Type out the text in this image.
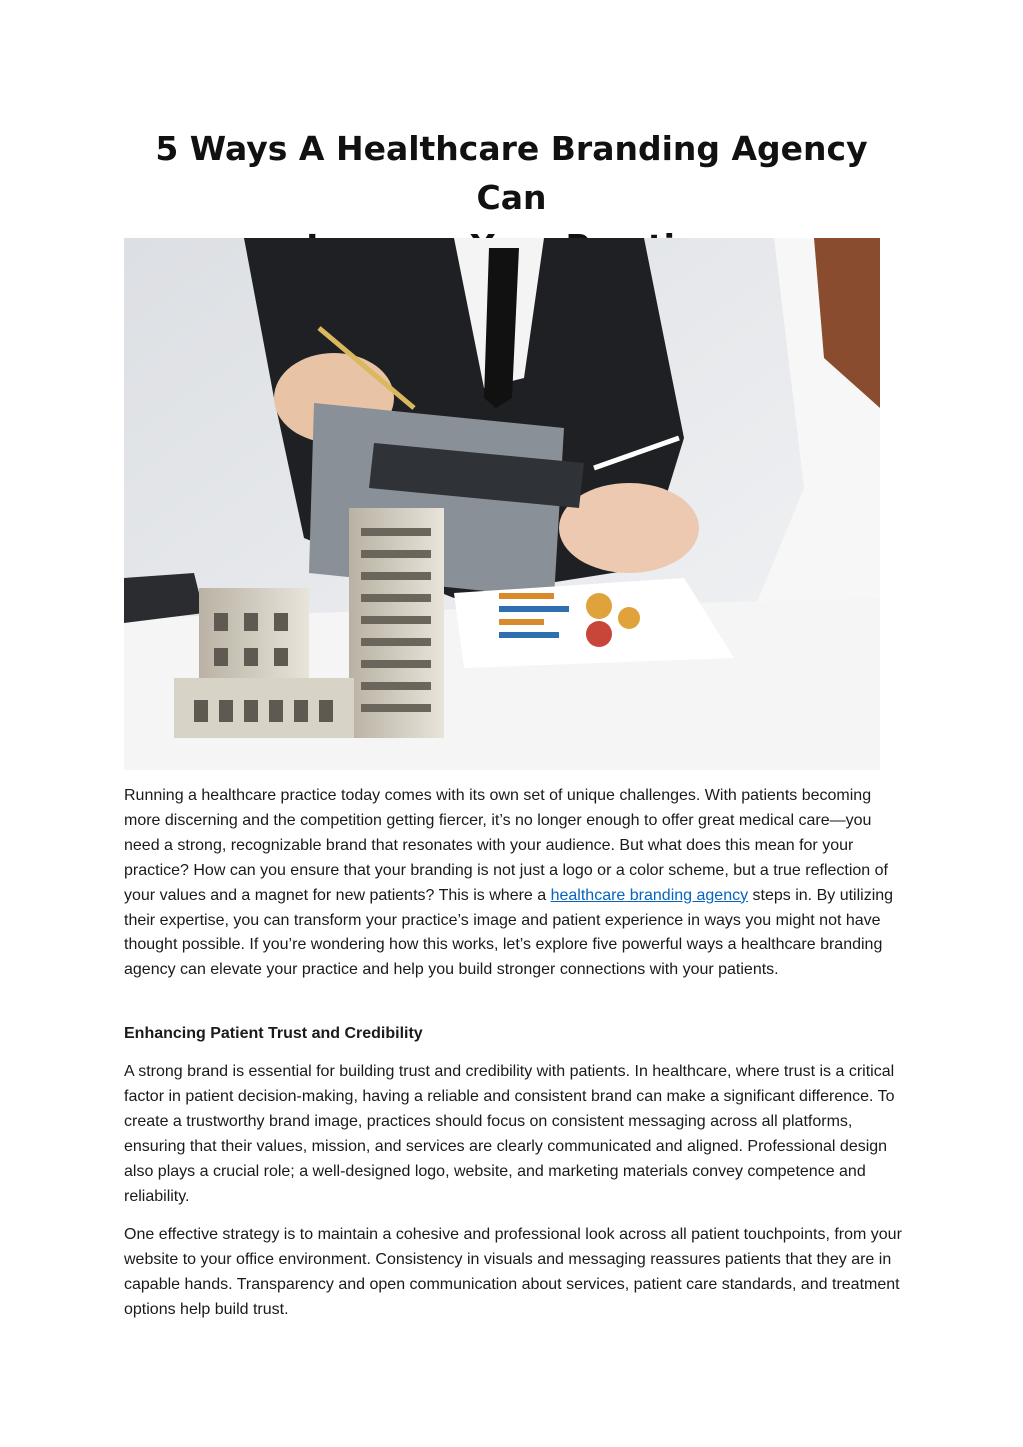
5 Ways A Healthcare Branding Agency Can

Running a healthcare practice today comes with its own set of unique challenges. With patients becoming more discerning and the competition getting fiercer, it’s no longer enough to offer great medical care—you need a strong, recognizable brand that resonates with your audience. But what does this mean for your practice? How can you ensure that your branding is not just a logo or a color scheme, but a true reflection of your values and a magnet for new patients? This is where a healthcare branding agency steps in. By utilizing their expertise, you can transform your practice’s image and patient experience in ways you might not have thought possible. If you’re wondering how this works, let’s explore five powerful ways a healthcare branding agency can elevate your practice and help you build stronger connections with your patients.

Enhancing Patient Trust and Credibility

A strong brand is essential for building trust and credibility with patients. In healthcare, where trust is a critical factor in patient decision-making, having a reliable and consistent brand can make a significant difference. To create a trustworthy brand image, practices should focus on consistent messaging across all platforms, ensuring that their values, mission, and services are clearly communicated and aligned. Professional design also plays a crucial role; a well-designed logo, website, and marketing materials convey competence and reliability.

One effective strategy is to maintain a cohesive and professional look across all patient touchpoints, from your website to your office environment. Consistency in visuals and messaging reassures patients that they are in capable hands. Transparency and open communication about services, patient care standards, and treatment options help build trust.
